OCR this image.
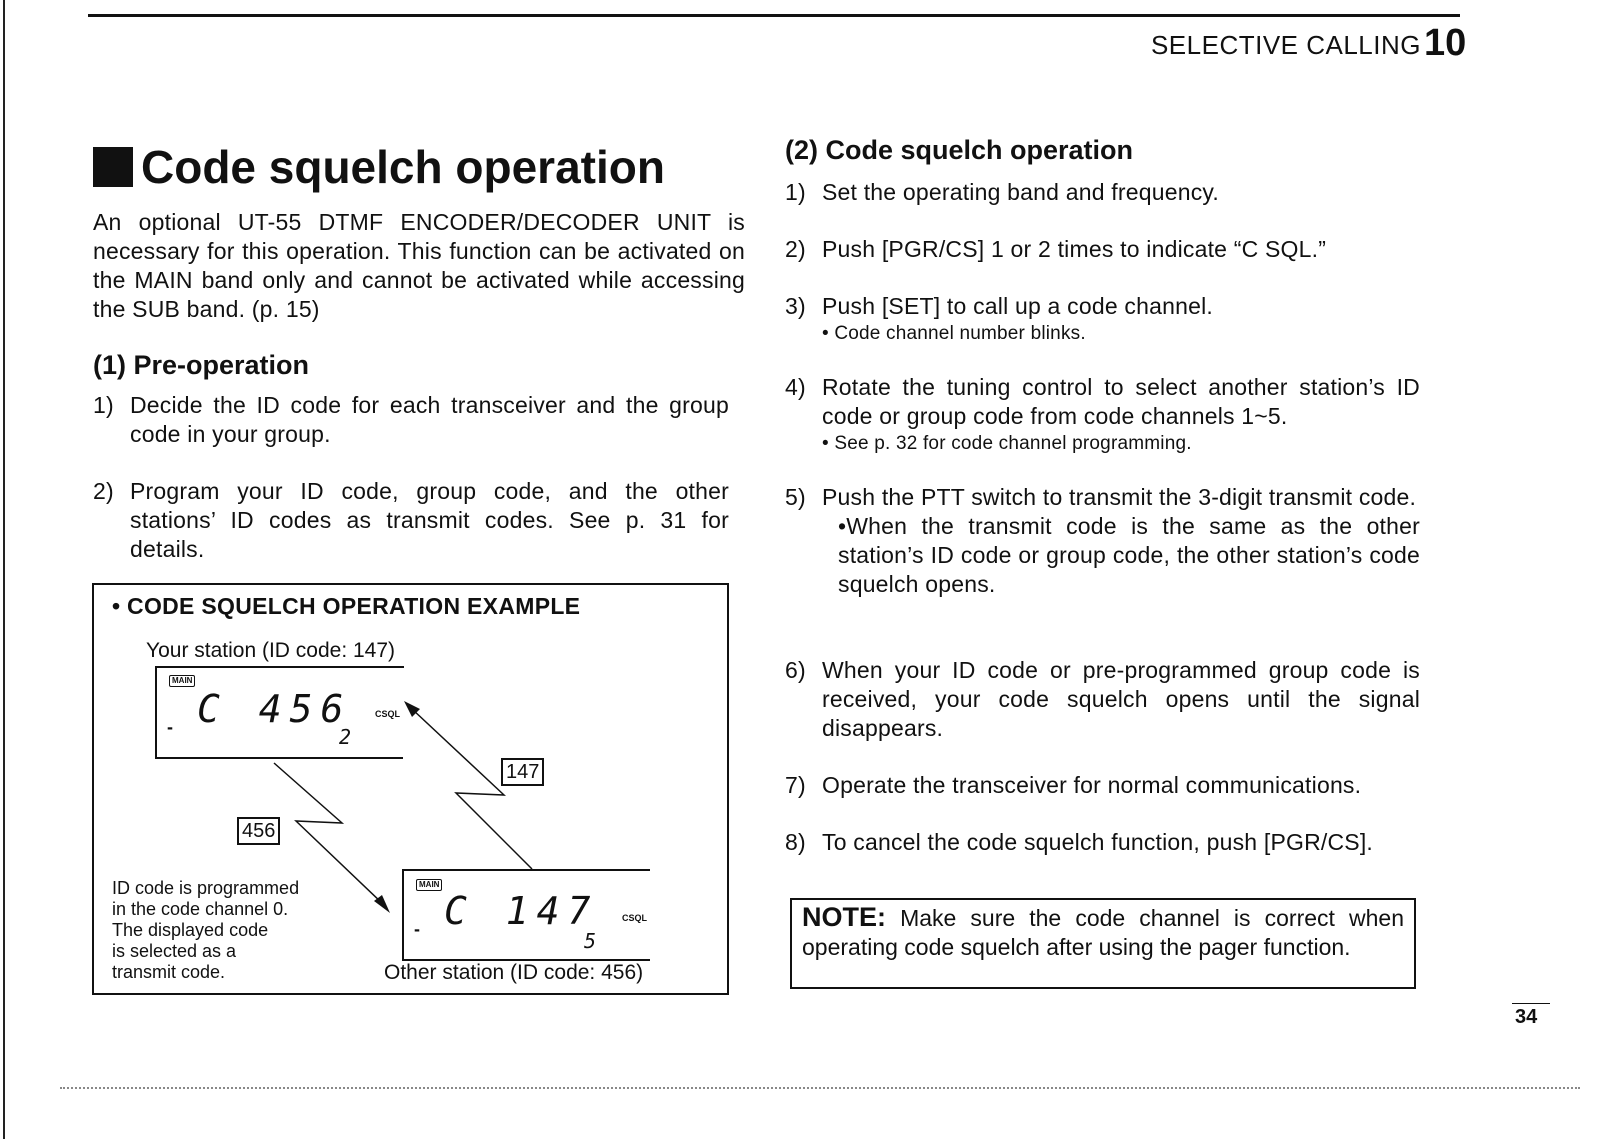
SELECTIVE CALLING 10
Code squelch operation
An optional UT-55 DTMF ENCODER/DECODER UNIT is necessary for this operation. This function can be activated on the MAIN band only and cannot be activated while accessing the SUB band. (p. 15)
(1) Pre-operation
1) Decide the ID code for each transceiver and the group code in your group.
2) Program your ID code, group code, and the other stations’ ID codes as transmit codes. See p. 31 for details.
• CODE SQUELCH OPERATION EXAMPLE
Your station (ID code: 147)
MAIN
C 456	CSQL
-	2
456
147
MAIN
C 147	CSQL
-	5
ID code is programmed
in the code channel 0.
The displayed code
is selected as a
transmit code.	Other station (ID code: 456)
(2) Code squelch operation
1) Set the operating band and frequency.
2) Push [PGR/CS] 1 or 2 times to indicate “C SQL.”
3) Push [SET] to call up a code channel.
• Code channel number blinks.
4) Rotate the tuning control to select another station’s ID code or group code from code channels 1~5.
• See p. 32 for code channel programming.
5) Push the PTT switch to transmit the 3-digit transmit code.
•When the transmit code is the same as the other station’s ID code or group code, the other station’s code squelch opens.
6) When your ID code or pre-programmed group code is received, your code squelch opens until the signal disappears.
7) Operate the transceiver for normal communications.
8) To cancel the code squelch function, push [PGR/CS].
NOTE: Make sure the code channel is correct when operating code squelch after using the pager function.
34
